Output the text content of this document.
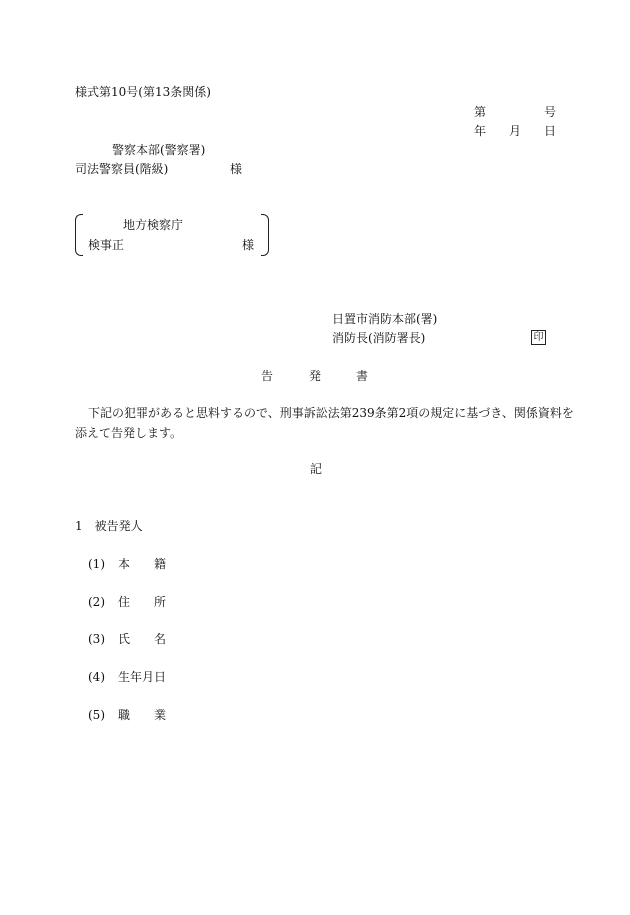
様式第10号(第13条関係)
第	号
年 月 日
警察本部(警察署)
司法警察員(階級)	様
地方検察庁
検事正	様
日置市消防本部(署)
消防長(消防署長)	印
告	発	書
下記の犯罪があると思料するので、刑事訴訟法第239条第2項の規定に基づき、関係資料を
添えて告発します。
記
1　被告発人
(1) 本　　籍
(2) 住　　所
(3) 氏　　名
(4) 生年月日
(5) 職　　業
